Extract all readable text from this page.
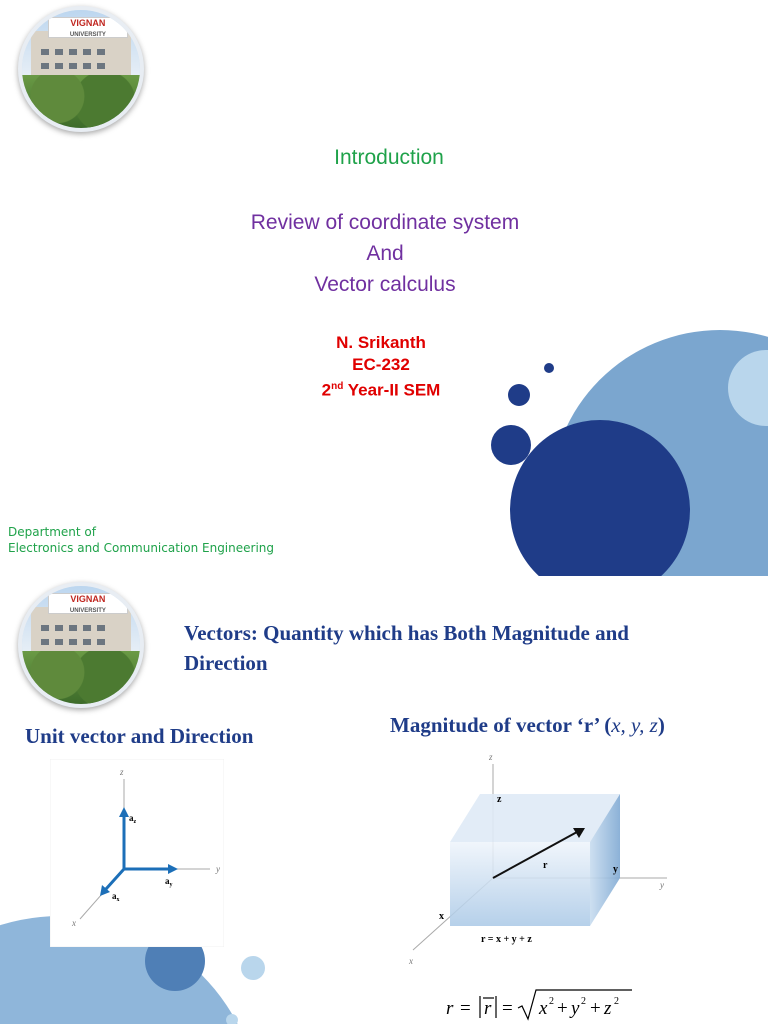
VIGNAN
UNIVERSITY
Introduction
Review of coordinate system
And
Vector calculus
N. Srikanth
EC-232
2nd Year-II SEM
Department of
Electronics and Communication Engineering
VIGNAN
UNIVERSITY
Vectors: Quantity which has Both Magnitude and
Direction
Unit vector and Direction	Magnitude of vector ‘r’ (x, y, z)
z
y
x
$a_z$
$a_y$
$a_x$
z
y
x
z
y
x
r
r = x + y + z
r = r = x 2 + y 2 + z 2
